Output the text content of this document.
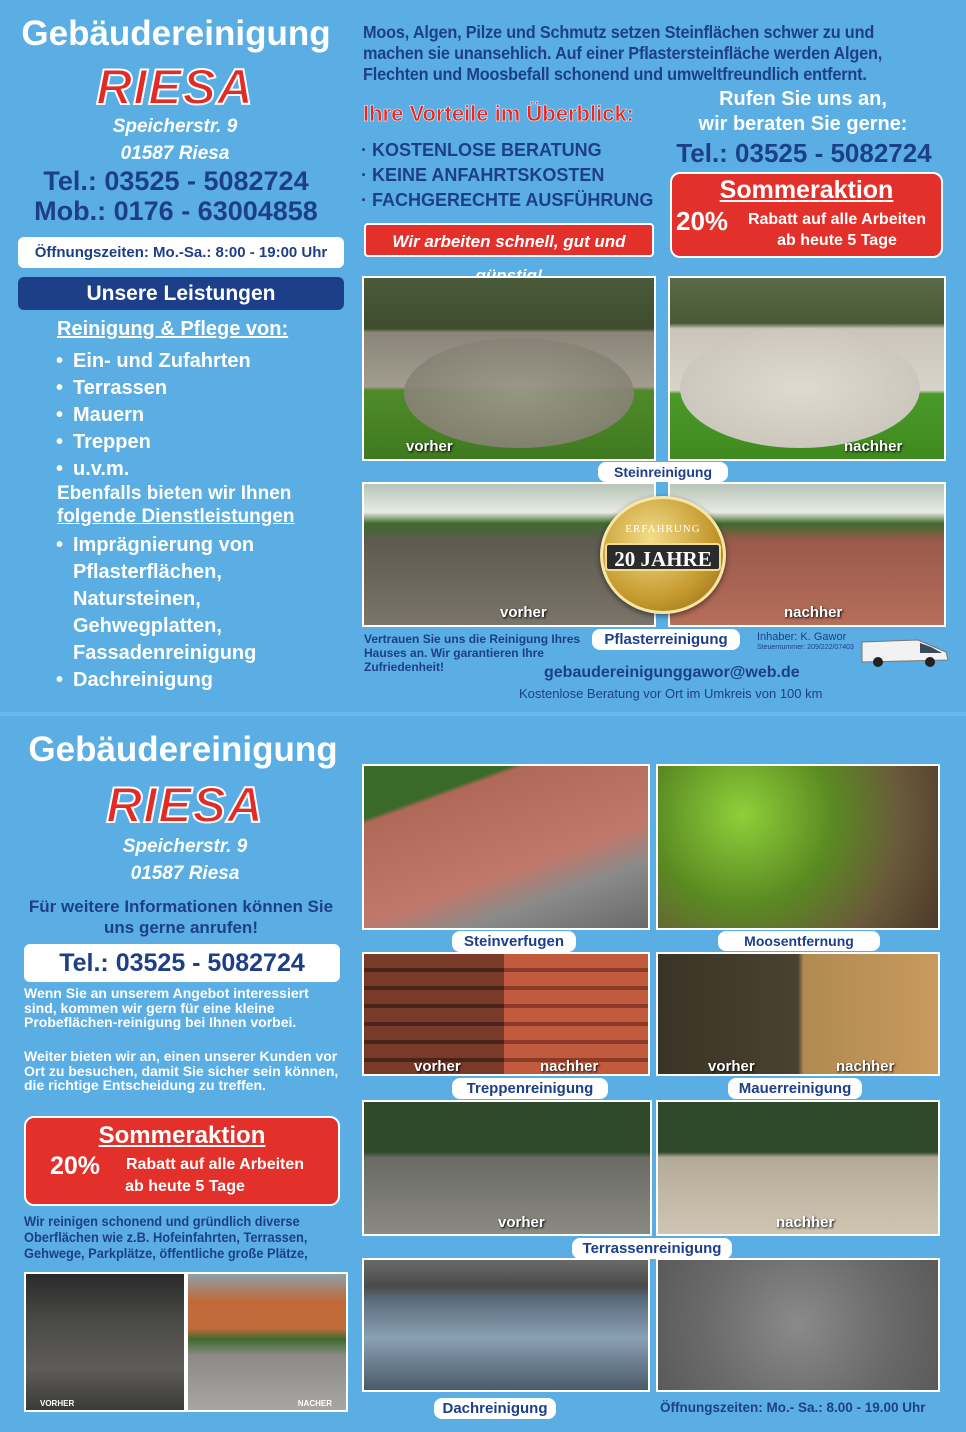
Gebäudereinigung
RIESA
Speicherstr. 9
01587 Riesa
Tel.: 03525 - 5082724
Mob.: 0176 - 63004858
Öffnungszeiten: Mo.-Sa.: 8:00 - 19:00 Uhr
Unsere Leistungen
Reinigung & Pflege von:
• Ein- und Zufahrten
• Terrassen
• Mauern
• Treppen
• u.v.m.
Ebenfalls bieten wir Ihnen
folgende Dienstleistungen
• Imprägnierung von
Pflasterflächen,
Natursteinen,
Gehwegplatten,
Fassadenreinigung
• Dachreinigung
Moos, Algen, Pilze und Schmutz setzen Steinflächen schwer zu und machen sie unansehlich. Auf einer Pflastersteinfläche werden Algen, Flechten und Moosbefall schonend und umweltfreundlich entfernt.
Ihre Vorteile im Überblick:
· KOSTENLOSE BERATUNG
· KEINE ANFAHRTSKOSTEN
· FACHGERECHTE AUSFÜHRUNG
Wir arbeiten schnell, gut und
Rufen Sie uns an,
wir beraten Sie gerne:
Tel.: 03525 - 5082724
Sommeraktion
20%	Rabatt auf alle Arbeiten
ab heute 5 Tage
vorher	nachher
Steinreinigung
vorher	nachher
ERFAHRUNG
20 JAHRE
Vertrauen Sie uns die Reinigung Ihres Hauses an. Wir garantieren Ihre Zufriedenheit!
Pflasterreinigung	Inhaber: K. Gawor
Steuernummer: 209/222/07403
gebaudereinigunggawor@web.de
Kostenlose Beratung vor Ort im Umkreis von 100 km
Gebäudereinigung
RIESA
Speicherstr. 9
01587 Riesa
Für weitere Informationen können Sie uns gerne anrufen!
Tel.: 03525 - 5082724
Wenn Sie an unserem Angebot interessiert sind, kommen wir gern für eine kleine Probeflächen-reinigung bei Ihnen vorbei.
Weiter bieten wir an, einen unserer Kunden vor Ort zu besuchen, damit Sie sicher sein können, die richtige Entscheidung zu treffen.
Sommeraktion
20%	Rabatt auf alle Arbeiten
ab heute 5 Tage
Wir reinigen schonend und gründlich diverse Oberflächen wie z.B. Hofeinfahrten, Terrassen, Gehwege, Parkplätze, öffentliche große Plätze,
VORHER	NACHER
Steinverfugen	Moosentfernung
vorher	nachher
Treppenreinigung
vorher	nachher
Mauerreinigung
vorher	nachher
Terrassenreinigung
Dachreinigung	Öffnungszeiten: Mo.- Sa.: 8.00 - 19.00 Uhr
